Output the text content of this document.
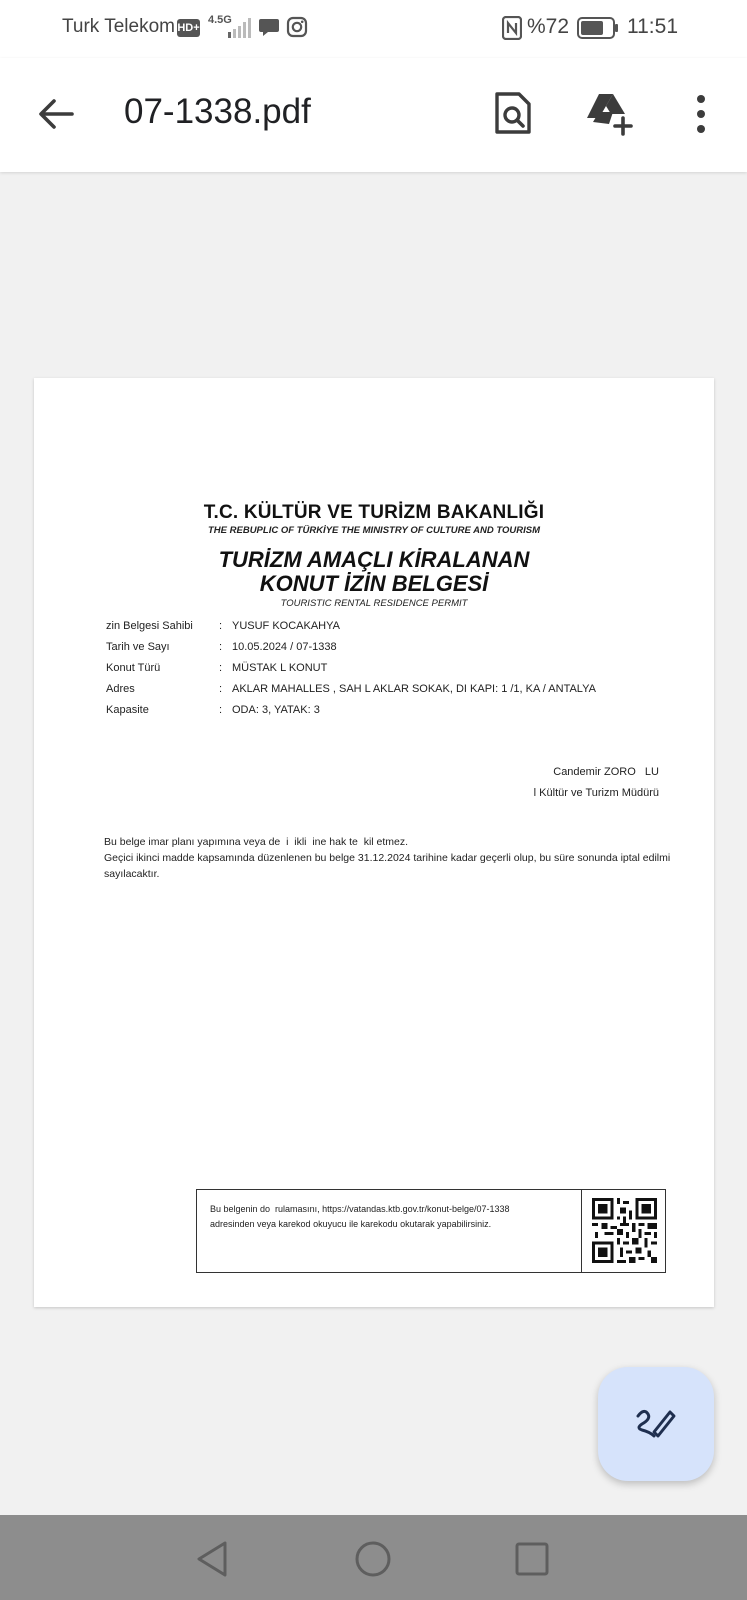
Turk Telekom HD+
4.5G	%72	11:51
07-1338.pdf
T.C. KÜLTÜR VE TURİZM BAKANLIĞI
THE REBUPLIC OF TÜRKİYE THE MINISTRY OF CULTURE AND TOURISM
TURİZM AMAÇLI KİRALANAN
KONUT İZİN BELGESİ
TOURISTIC RENTAL RESIDENCE PERMIT
zin Belgesi Sahibi : YUSUF KOCAKAHYA
Tarih ve Sayı	: 10.05.2024 / 07-1338
Konut Türü	: MÜSTAK L KONUT
Adres	: AKLAR MAHALLES , SAH L AKLAR SOKAK, DI KAPI: 1 /1, KA / ANTALYA
Kapasite	: ODA: 3, YATAK: 3
Candemir ZORO   LU
l Kültür ve Turizm Müdürü
Bu belge imar planı yapımına veya de  i  ikli  ine hak te  kil etmez.
Geçici ikinci madde kapsamında düzenlenen bu belge 31.12.2024 tarihine kadar geçerli olup, bu süre sonunda iptal edilmi   sayılacaktır.
Bu belgenin do  rulamasını, https://vatandas.ktb.gov.tr/konut-belge/07-1338
adresinden veya karekod okuyucu ile karekodu okutarak yapabilirsiniz.
